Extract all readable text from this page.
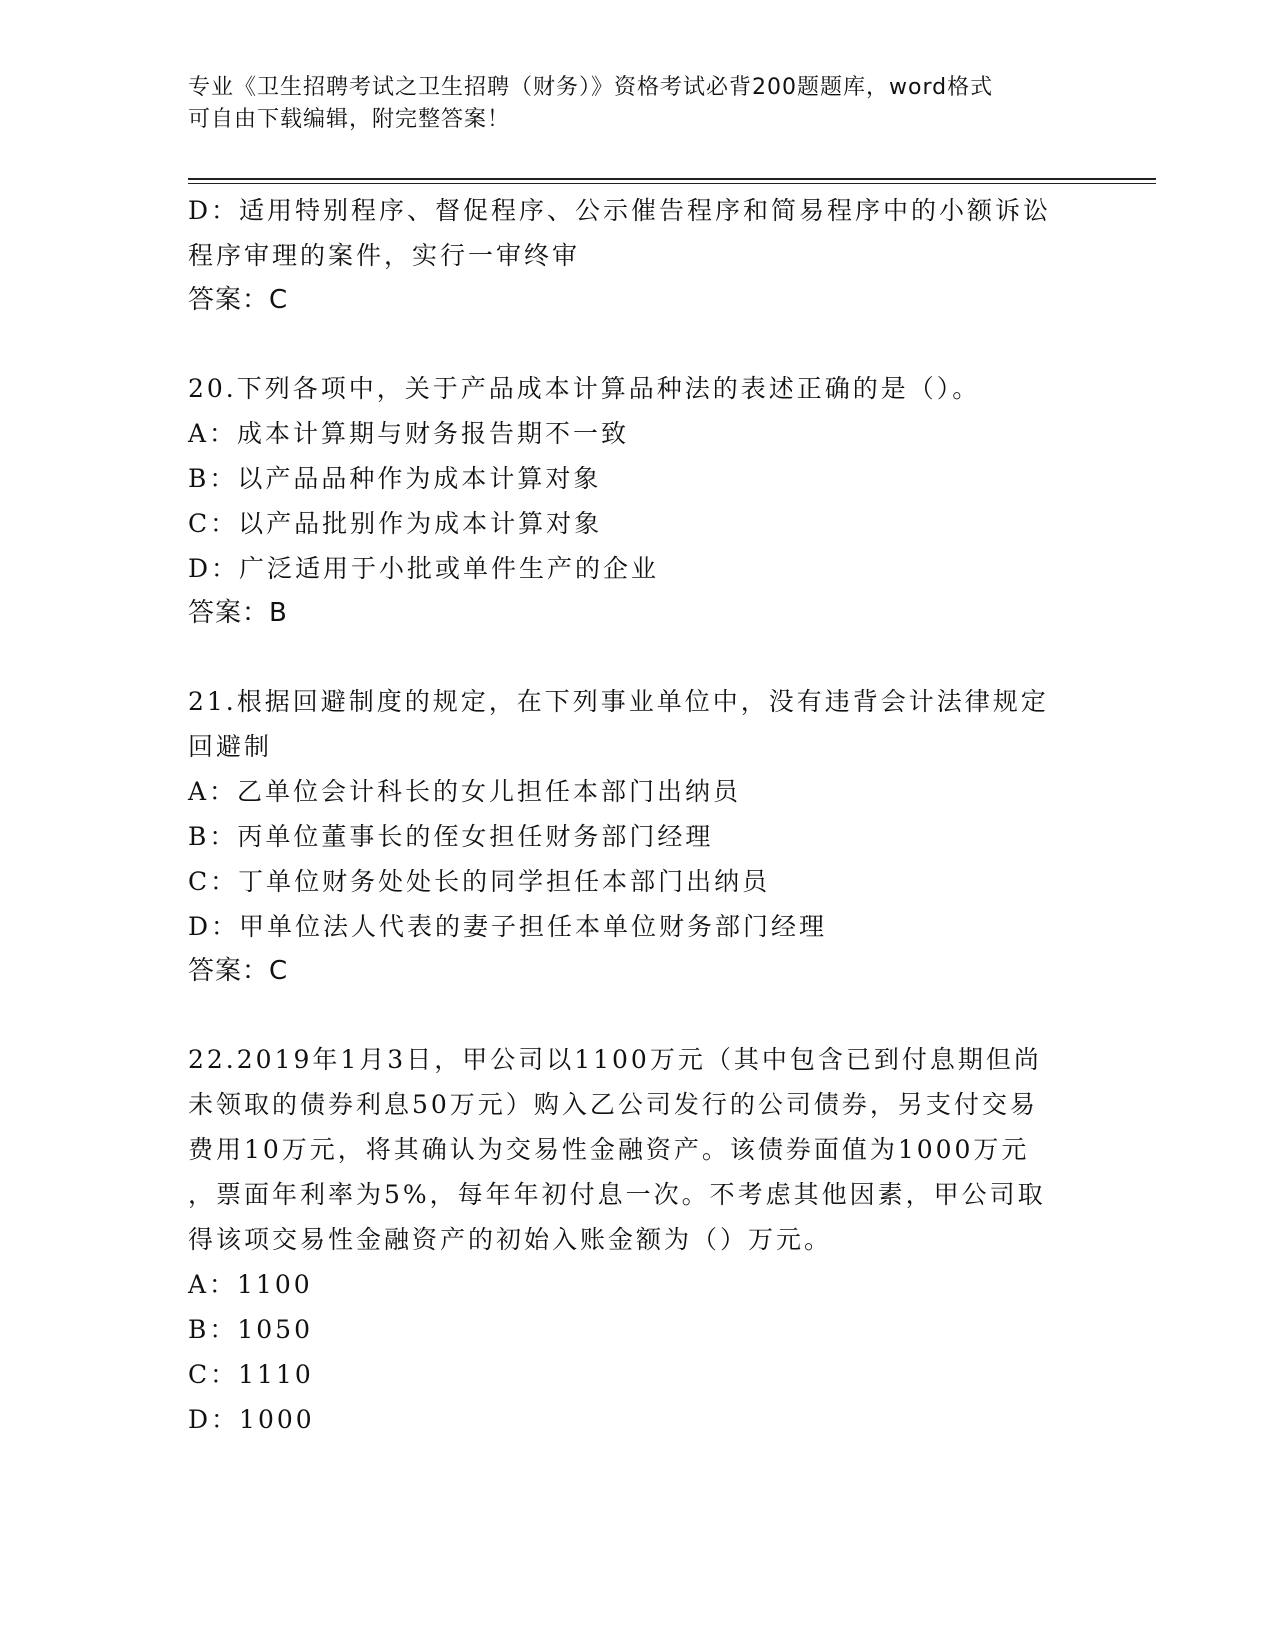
专业《卫生招聘考试之卫生招聘（财务）》资格考试必背200题题库，word格式
可自由下载编辑，附完整答案！
D：适用特别程序、督促程序、公示催告程序和简易程序中的小额诉讼
程序审理的案件，实行一审终审
答案：C
20.下列各项中，关于产品成本计算品种法的表述正确的是（）。
A：成本计算期与财务报告期不一致
B：以产品品种作为成本计算对象
C：以产品批别作为成本计算对象
D：广泛适用于小批或单件生产的企业
答案：B
21.根据回避制度的规定，在下列事业单位中，没有违背会计法律规定
回避制
A：乙单位会计科长的女儿担任本部门出纳员
B：丙单位董事长的侄女担任财务部门经理
C：丁单位财务处处长的同学担任本部门出纳员
D：甲单位法人代表的妻子担任本单位财务部门经理
答案：C
22.2019年1月3日，甲公司以1100万元（其中包含已到付息期但尚
未领取的债券利息50万元）购入乙公司发行的公司债券，另支付交易
费用10万元，将其确认为交易性金融资产。该债券面值为1000万元
，票面年利率为5%，每年年初付息一次。不考虑其他因素，甲公司取
得该项交易性金融资产的初始入账金额为（）万元。
A：1100
B：1050
C：1110
D：1000
